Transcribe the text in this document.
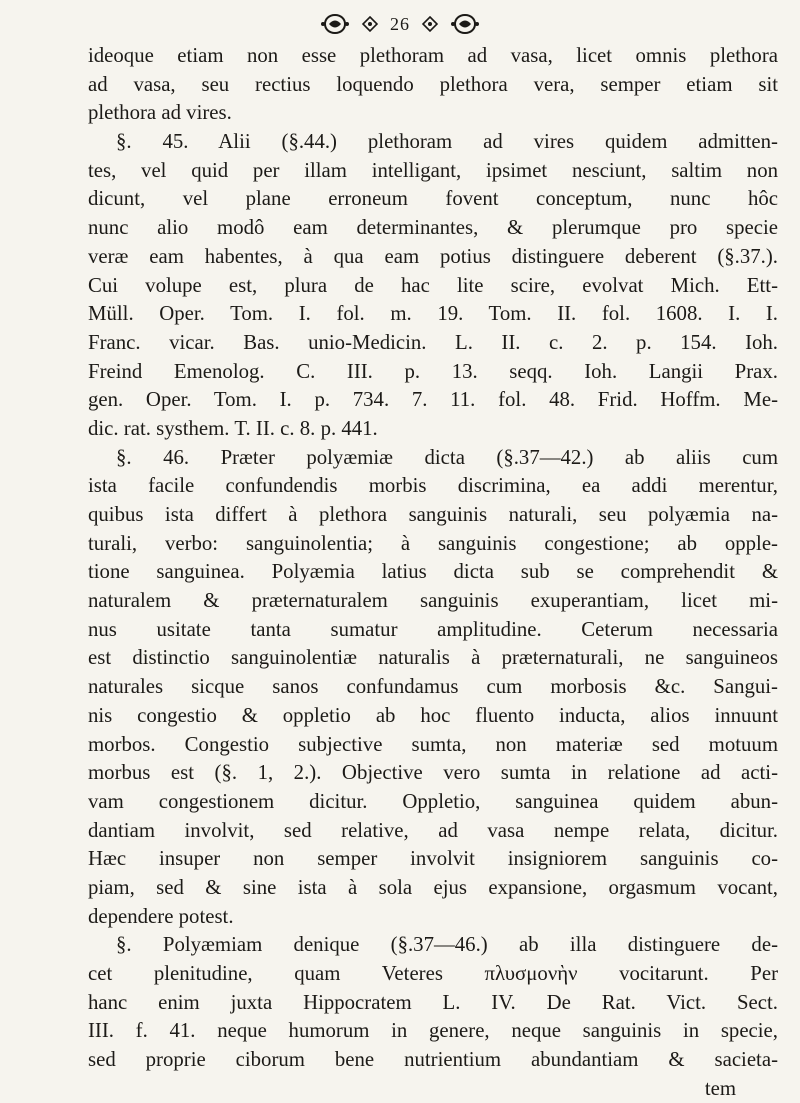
26
ideoque etiam non esse plethoram ad vasa, licet omnis plethora
ad vasa, seu rectius loquendo plethora vera, semper etiam sit
plethora ad vires.
§. 45. Alii (§.44.) plethoram ad vires quidem admitten-
tes, vel quid per illam intelligant, ipsimet nesciunt, saltim non
dicunt, vel plane erroneum fovent conceptum, nunc hôc
nunc alio modô eam determinantes, & plerumque pro specie
veræ eam habentes, à qua eam potius distinguere deberent (§.37.).
Cui volupe est, plura de hac lite scire, evolvat Mich. Ett-
Müll. Oper. Tom. I. fol. m. 19. Tom. II. fol. 1608. I. I.
Franc. vicar. Bas. unio-Medicin. L. II. c. 2. p. 154. Ioh.
Freind Emenolog. C. III. p. 13. seqq. Ioh. Langii Prax.
gen. Oper. Tom. I. p. 734. 7. 11. fol. 48. Frid. Hoffm. Me-
dic. rat. systhem. T. II. c. 8. p. 441.
§. 46. Præter polyæmiæ dicta (§.37—42.) ab aliis cum
ista facile confundendis morbis discrimina, ea addi merentur,
quibus ista differt à plethora sanguinis naturali, seu polyæmia na-
turali, verbo: sanguinolentia; à sanguinis congestione; ab opple-
tione sanguinea. Polyæmia latius dicta sub se comprehendit &
naturalem & præternaturalem sanguinis exuperantiam, licet mi-
nus usitate tanta sumatur amplitudine. Ceterum necessaria
est distinctio sanguinolentiæ naturalis à præternaturali, ne sanguineos
naturales sicque sanos confundamus cum morbosis &c. Sangui-
nis congestio & oppletio ab hoc fluento inducta, alios innuunt
morbos. Congestio subjective sumta, non materiæ sed motuum
morbus est (§. 1, 2.). Objective vero sumta in relatione ad acti-
vam congestionem dicitur. Oppletio, sanguinea quidem abun-
dantiam involvit, sed relative, ad vasa nempe relata, dicitur.
Hæc insuper non semper involvit insigniorem sanguinis co-
piam, sed & sine ista à sola ejus expansione, orgasmum vocant,
dependere potest.
§. Polyæmiam denique (§.37—46.) ab illa distinguere de-
cet plenitudine, quam Veteres πλυσμονὴν vocitarunt. Per
hanc enim juxta Hippocratem L. IV. De Rat. Vict. Sect.
III. f. 41. neque humorum in genere, neque sanguinis in specie,
sed proprie ciborum bene nutrientium abundantiam & sacieta-
tem
